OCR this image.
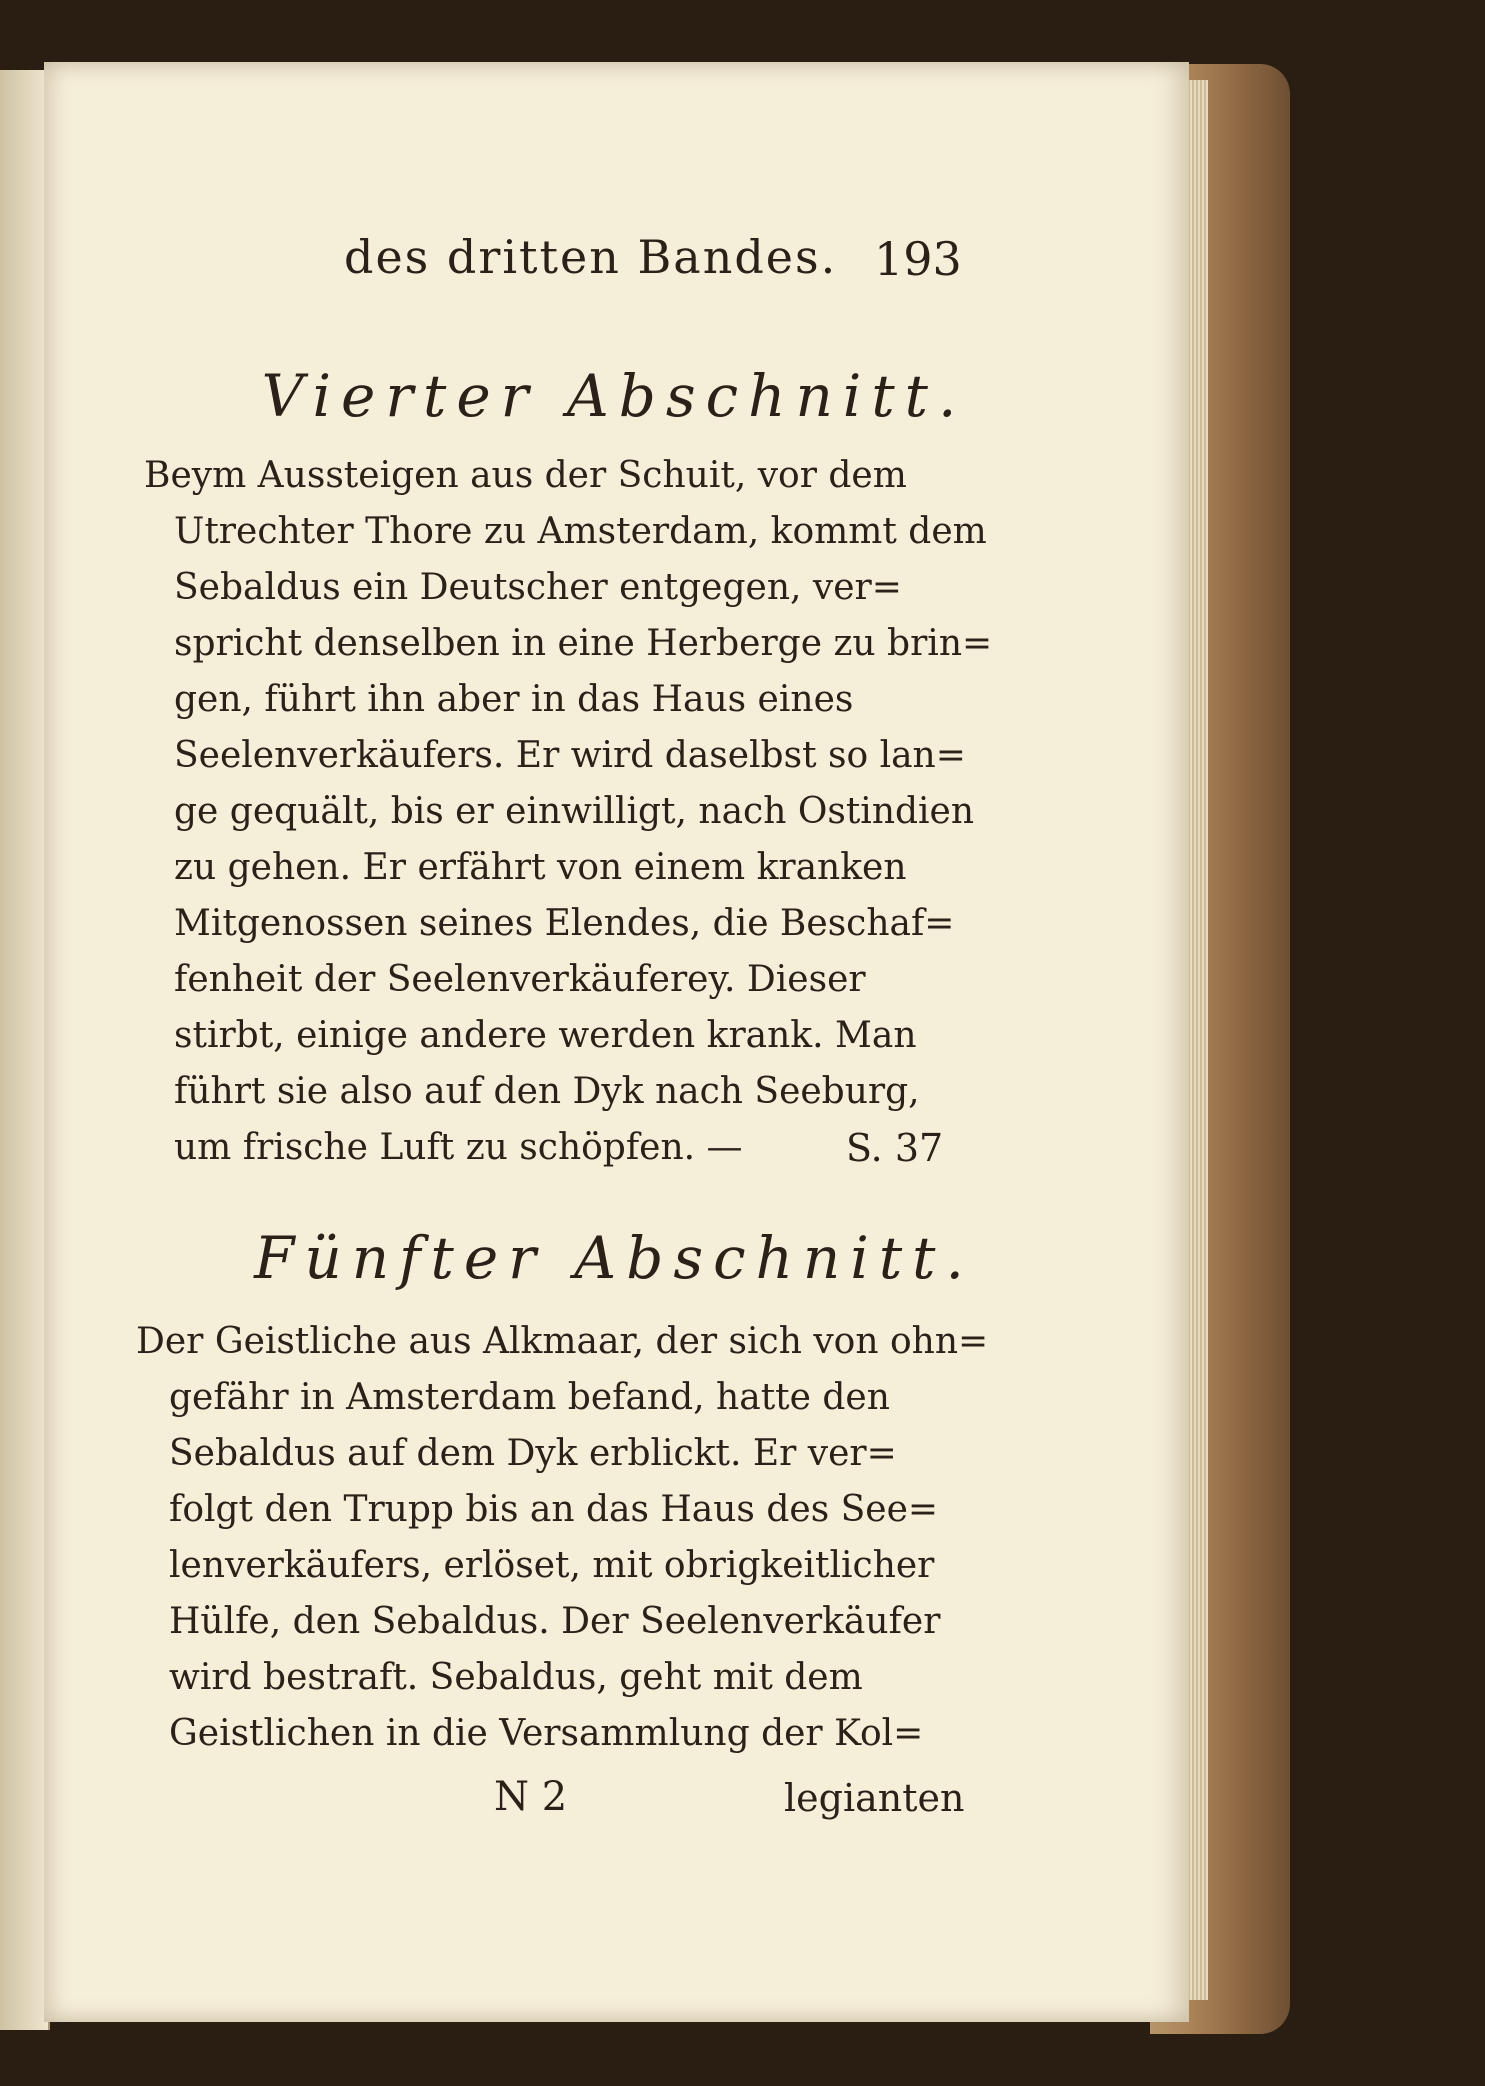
des dritten Bandes. 193
Vierter Abschnitt.

Beym Aussteigen aus der Schuit, vor dem

Utrechter Thore zu Amsterdam, kommt dem

Sebaldus ein Deutscher entgegen, ver=

spricht denselben in eine Herberge zu brin=

gen, führt ihn aber in das Haus eines

Seelenverkäufers. Er wird daselbst so lan=

ge gequält, bis er einwilligt, nach Ostindien

zu gehen. Er erfährt von einem kranken

Mitgenossen seines Elendes, die Beschaf=

fenheit der Seelenverkäuferey. Dieser

stirbt, einige andere werden krank. Man

führt sie also auf den Dyk nach Seeburg,

um frische Luft zu schöpfen. —	S. 37
Fünfter Abschnitt.

Der Geistliche aus Alkmaar, der sich von ohn=

gefähr in Amsterdam befand, hatte den

Sebaldus auf dem Dyk erblickt. Er ver=

folgt den Trupp bis an das Haus des See=

lenverkäufers, erlöset, mit obrigkeitlicher

Hülfe, den Sebaldus. Der Seelenverkäufer

wird bestraft. Sebaldus, geht mit dem

Geistlichen in die Versammlung der Kol=

N 2	legianten
